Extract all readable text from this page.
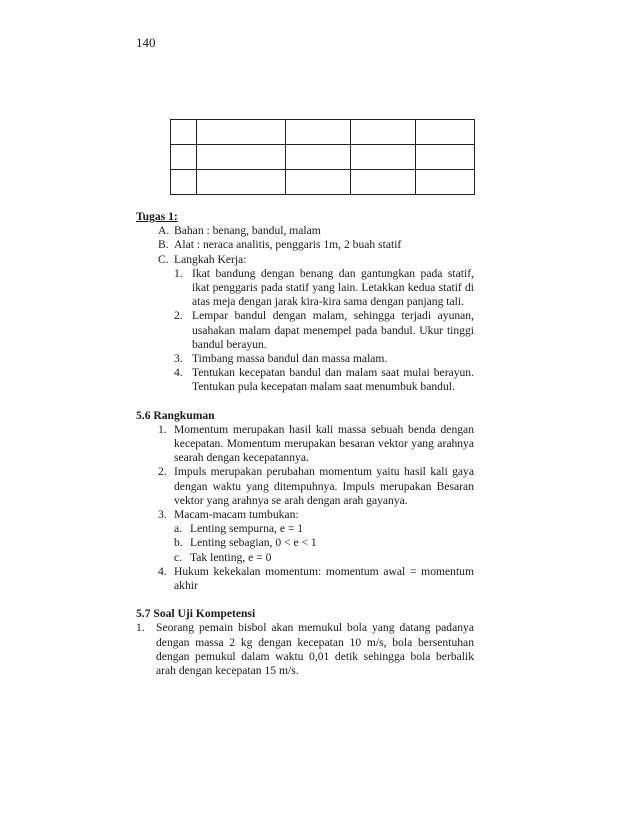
140

Tugas 1:

A. Bahan : benang, bandul, malam
B. Alat : neraca analitis, penggaris 1m, 2 buah statif
C. Langkah Kerja:
1. Ikat bandung dengan benang dan gantungkan pada statif, ikat penggaris pada statif yang lain. Letakkan kedua statif di atas meja dengan jarak kira-kira sama dengan panjang tali.
2. Lempar bandul dengan malam, sehingga terjadi ayunan, usahakan malam dapat menempel pada bandul. Ukur tinggi bandul berayun.
3. Timbang massa bandul dan massa malam.
4. Tentukan kecepatan bandul dan malam saat mulai berayun. Tentukan pula kecepatan malam saat menumbuk bandul.

5.6 Rangkuman

1. Momentum merupakan hasil kali massa sebuah benda dengan kecepatan. Momentum merupakan besaran vektor yang arahnya searah dengan kecepatannya.
2. Impuls merupakan perubahan momentum yaitu hasil kali gaya dengan waktu yang ditempuhnya. Impuls merupakan Besaran vektor yang arahnya se arah dengan arah gayanya.
3. Macam-macam tumbukan:
a. Lenting sempurna, e = 1
b. Lenting sebagian, 0 < e < 1
c. Tak lenting, e = 0
4. Hukum kekekalan momentum: momentum awal = momentum akhir

5.7 Soal Uji Kompetensi

1. Seorang pemain bisbol akan memukul bola yang datang padanya dengan massa 2 kg dengan kecepatan 10 m/s, bola bersentuhan dengan pemukul dalam waktu 0,01 detik sehingga bola berbalik arah dengan kecepatan 15 m/s.
